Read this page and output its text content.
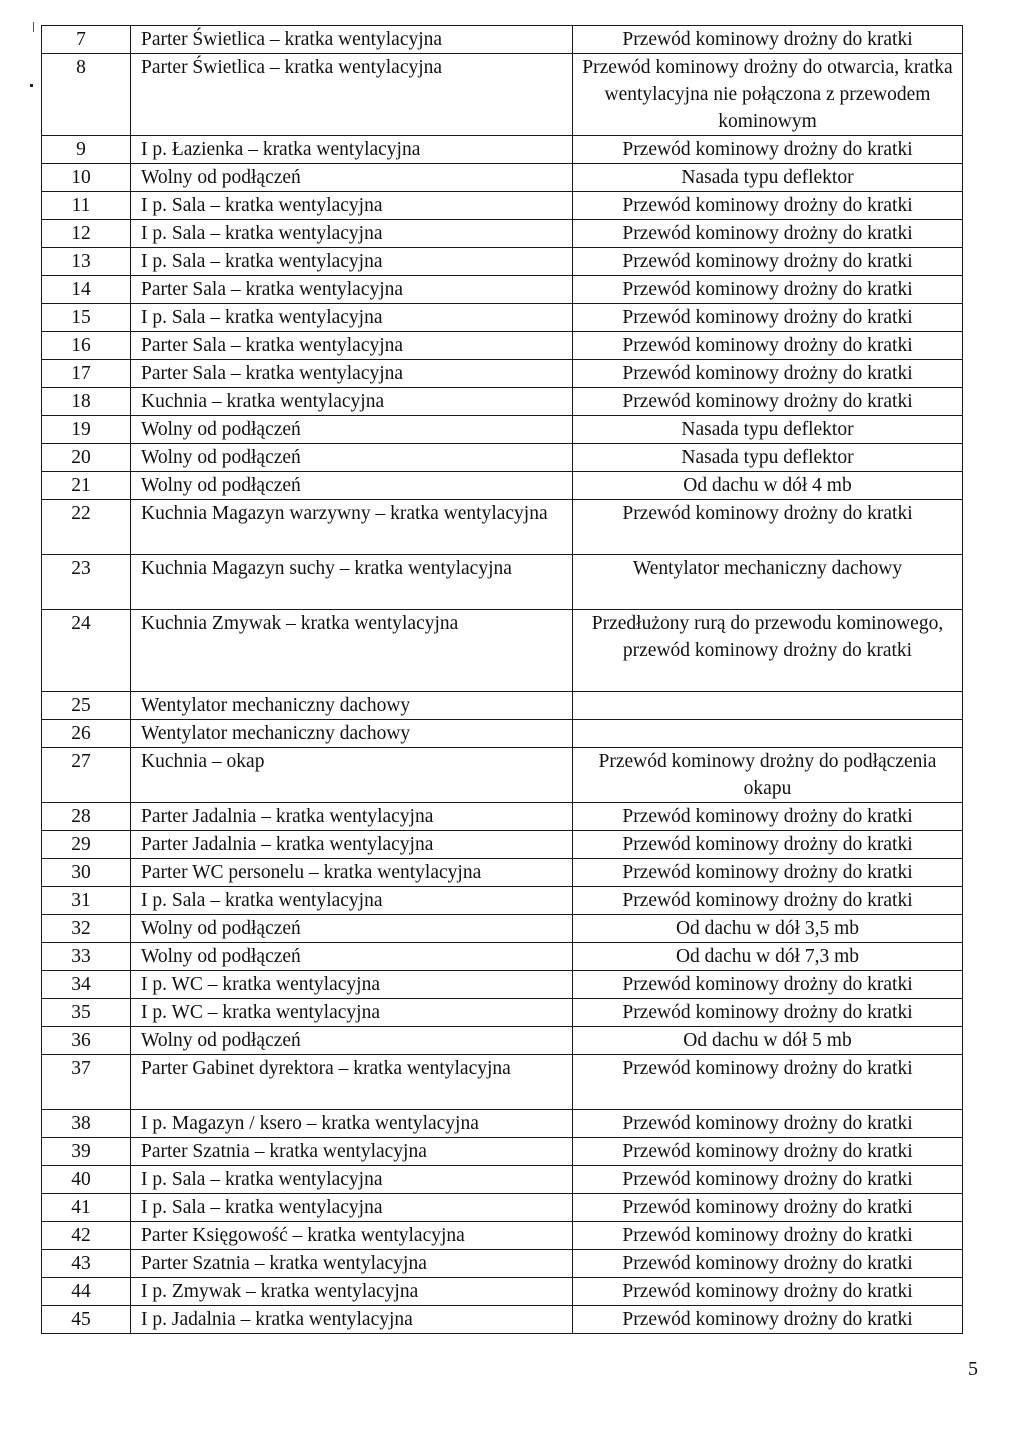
7	Parter Świetlica – kratka wentylacyjna	Przewód kominowy drożny do kratki
8	Parter Świetlica – kratka wentylacyjna	Przewód kominowy drożny do otwarcia, kratka wentylacyjna nie połączona z przewodem kominowym
9	I p. Łazienka – kratka wentylacyjna	Przewód kominowy drożny do kratki
10	Wolny od podłączeń	Nasada typu deflektor
11	I p. Sala – kratka wentylacyjna	Przewód kominowy drożny do kratki
12	I p. Sala – kratka wentylacyjna	Przewód kominowy drożny do kratki
13	I p. Sala – kratka wentylacyjna	Przewód kominowy drożny do kratki
14	Parter Sala – kratka wentylacyjna	Przewód kominowy drożny do kratki
15	I p. Sala – kratka wentylacyjna	Przewód kominowy drożny do kratki
16	Parter Sala – kratka wentylacyjna	Przewód kominowy drożny do kratki
17	Parter Sala – kratka wentylacyjna	Przewód kominowy drożny do kratki
18	Kuchnia – kratka wentylacyjna	Przewód kominowy drożny do kratki
19	Wolny od podłączeń	Nasada typu deflektor
20	Wolny od podłączeń	Nasada typu deflektor
21	Wolny od podłączeń	Od dachu w dół 4 mb
22	Kuchnia Magazyn warzywny – kratka wentylacyjna	Przewód kominowy drożny do kratki
23	Kuchnia Magazyn suchy – kratka wentylacyjna	Wentylator mechaniczny dachowy
24	Kuchnia Zmywak – kratka wentylacyjna	Przedłużony rurą do przewodu kominowego, przewód kominowy drożny do kratki
25	Wentylator mechaniczny dachowy	
26	Wentylator mechaniczny dachowy	
27	Kuchnia – okap	Przewód kominowy drożny do podłączenia okapu
28	Parter Jadalnia – kratka wentylacyjna	Przewód kominowy drożny do kratki
29	Parter Jadalnia – kratka wentylacyjna	Przewód kominowy drożny do kratki
30	Parter WC personelu – kratka wentylacyjna	Przewód kominowy drożny do kratki
31	I p. Sala – kratka wentylacyjna	Przewód kominowy drożny do kratki
32	Wolny od podłączeń	Od dachu w dół 3,5 mb
33	Wolny od podłączeń	Od dachu w dół 7,3 mb
34	I p. WC – kratka wentylacyjna	Przewód kominowy drożny do kratki
35	I p. WC – kratka wentylacyjna	Przewód kominowy drożny do kratki
36	Wolny od podłączeń	Od dachu w dół 5 mb
37	Parter Gabinet dyrektora – kratka wentylacyjna	Przewód kominowy drożny do kratki
38	I p. Magazyn / ksero – kratka wentylacyjna	Przewód kominowy drożny do kratki
39	Parter Szatnia – kratka wentylacyjna	Przewód kominowy drożny do kratki
40	I p. Sala – kratka wentylacyjna	Przewód kominowy drożny do kratki
41	I p. Sala – kratka wentylacyjna	Przewód kominowy drożny do kratki
42	Parter Księgowość – kratka wentylacyjna	Przewód kominowy drożny do kratki
43	Parter Szatnia – kratka wentylacyjna	Przewód kominowy drożny do kratki
44	I p. Zmywak – kratka wentylacyjna	Przewód kominowy drożny do kratki
45	I p. Jadalnia – kratka wentylacyjna	Przewód kominowy drożny do kratki
5
